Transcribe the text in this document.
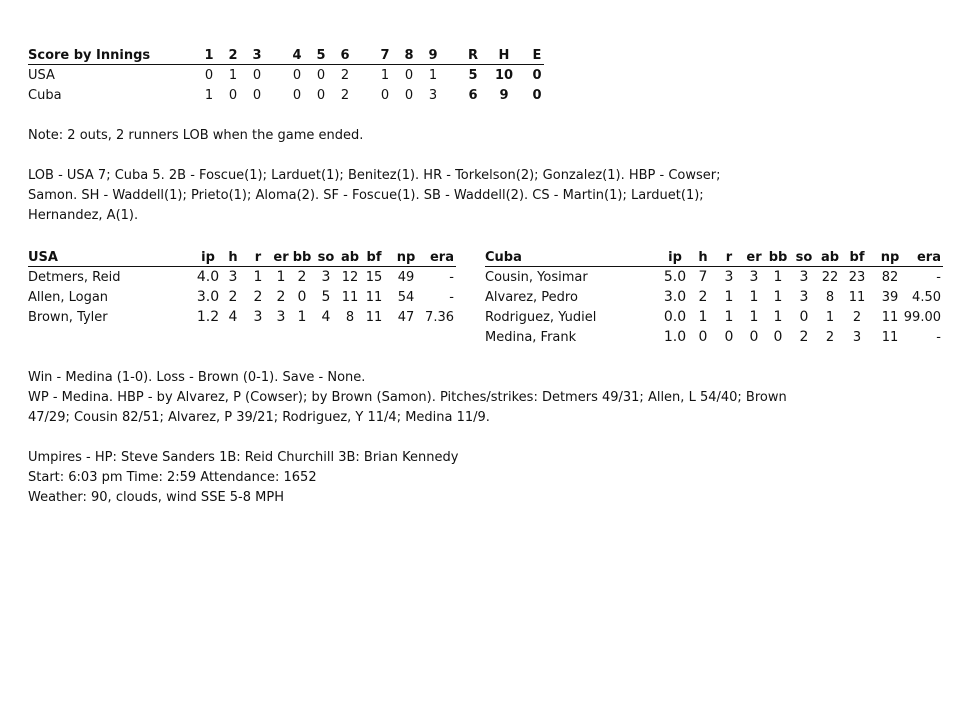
Score by Innings	1	2	3	4	5	6	7	8	9	R	H	E
USA	0	1	0	0	0	2	1	0	1	5	10	0
Cuba	1	0	0	0	0	2	0	0	3	6	9	0
Note: 2 outs, 2 runners LOB when the game ended.
LOB - USA 7; Cuba 5. 2B - Foscue(1); Larduet(1); Benitez(1). HR - Torkelson(2); Gonzalez(1). HBP - Cowser;
Samon. SH - Waddell(1); Prieto(1); Aloma(2). SF - Foscue(1). SB - Waddell(2). CS - Martin(1); Larduet(1);
Hernandez, A(1).
USA	ip	h	r er bb so ab bf	np	era
Detmers, Reid	4.0 3	1	1 2	3 12 15	49	-
Allen, Logan	3.0 2	2	2 0	5 11 11	54	-
Brown, Tyler	1.2 4	3	3 1	4	8 11	47 7.36
Cuba	ip	h	r	er bb so ab bf	np	era
Cousin, Yosimar	5.0 7	3	3	1	3	22 23	82	-
Alvarez, Pedro	3.0 2	1	1	1	3	8	11	39	4.50
Rodriguez, Yudiel	0.0 1	1	1	1	0	1	2	11 99.00
Medina, Frank	1.0 0	0	0	0	2	2	3	11	-
Win - Medina (1-0). Loss - Brown (0-1). Save - None.
WP - Medina. HBP - by Alvarez, P (Cowser); by Brown (Samon). Pitches/strikes: Detmers 49/31; Allen, L 54/40; Brown
47/29; Cousin 82/51; Alvarez, P 39/21; Rodriguez, Y 11/4; Medina 11/9.
Umpires - HP: Steve Sanders 1B: Reid Churchill 3B: Brian Kennedy
Start: 6:03 pm Time: 2:59 Attendance: 1652
Weather: 90, clouds, wind SSE 5-8 MPH
